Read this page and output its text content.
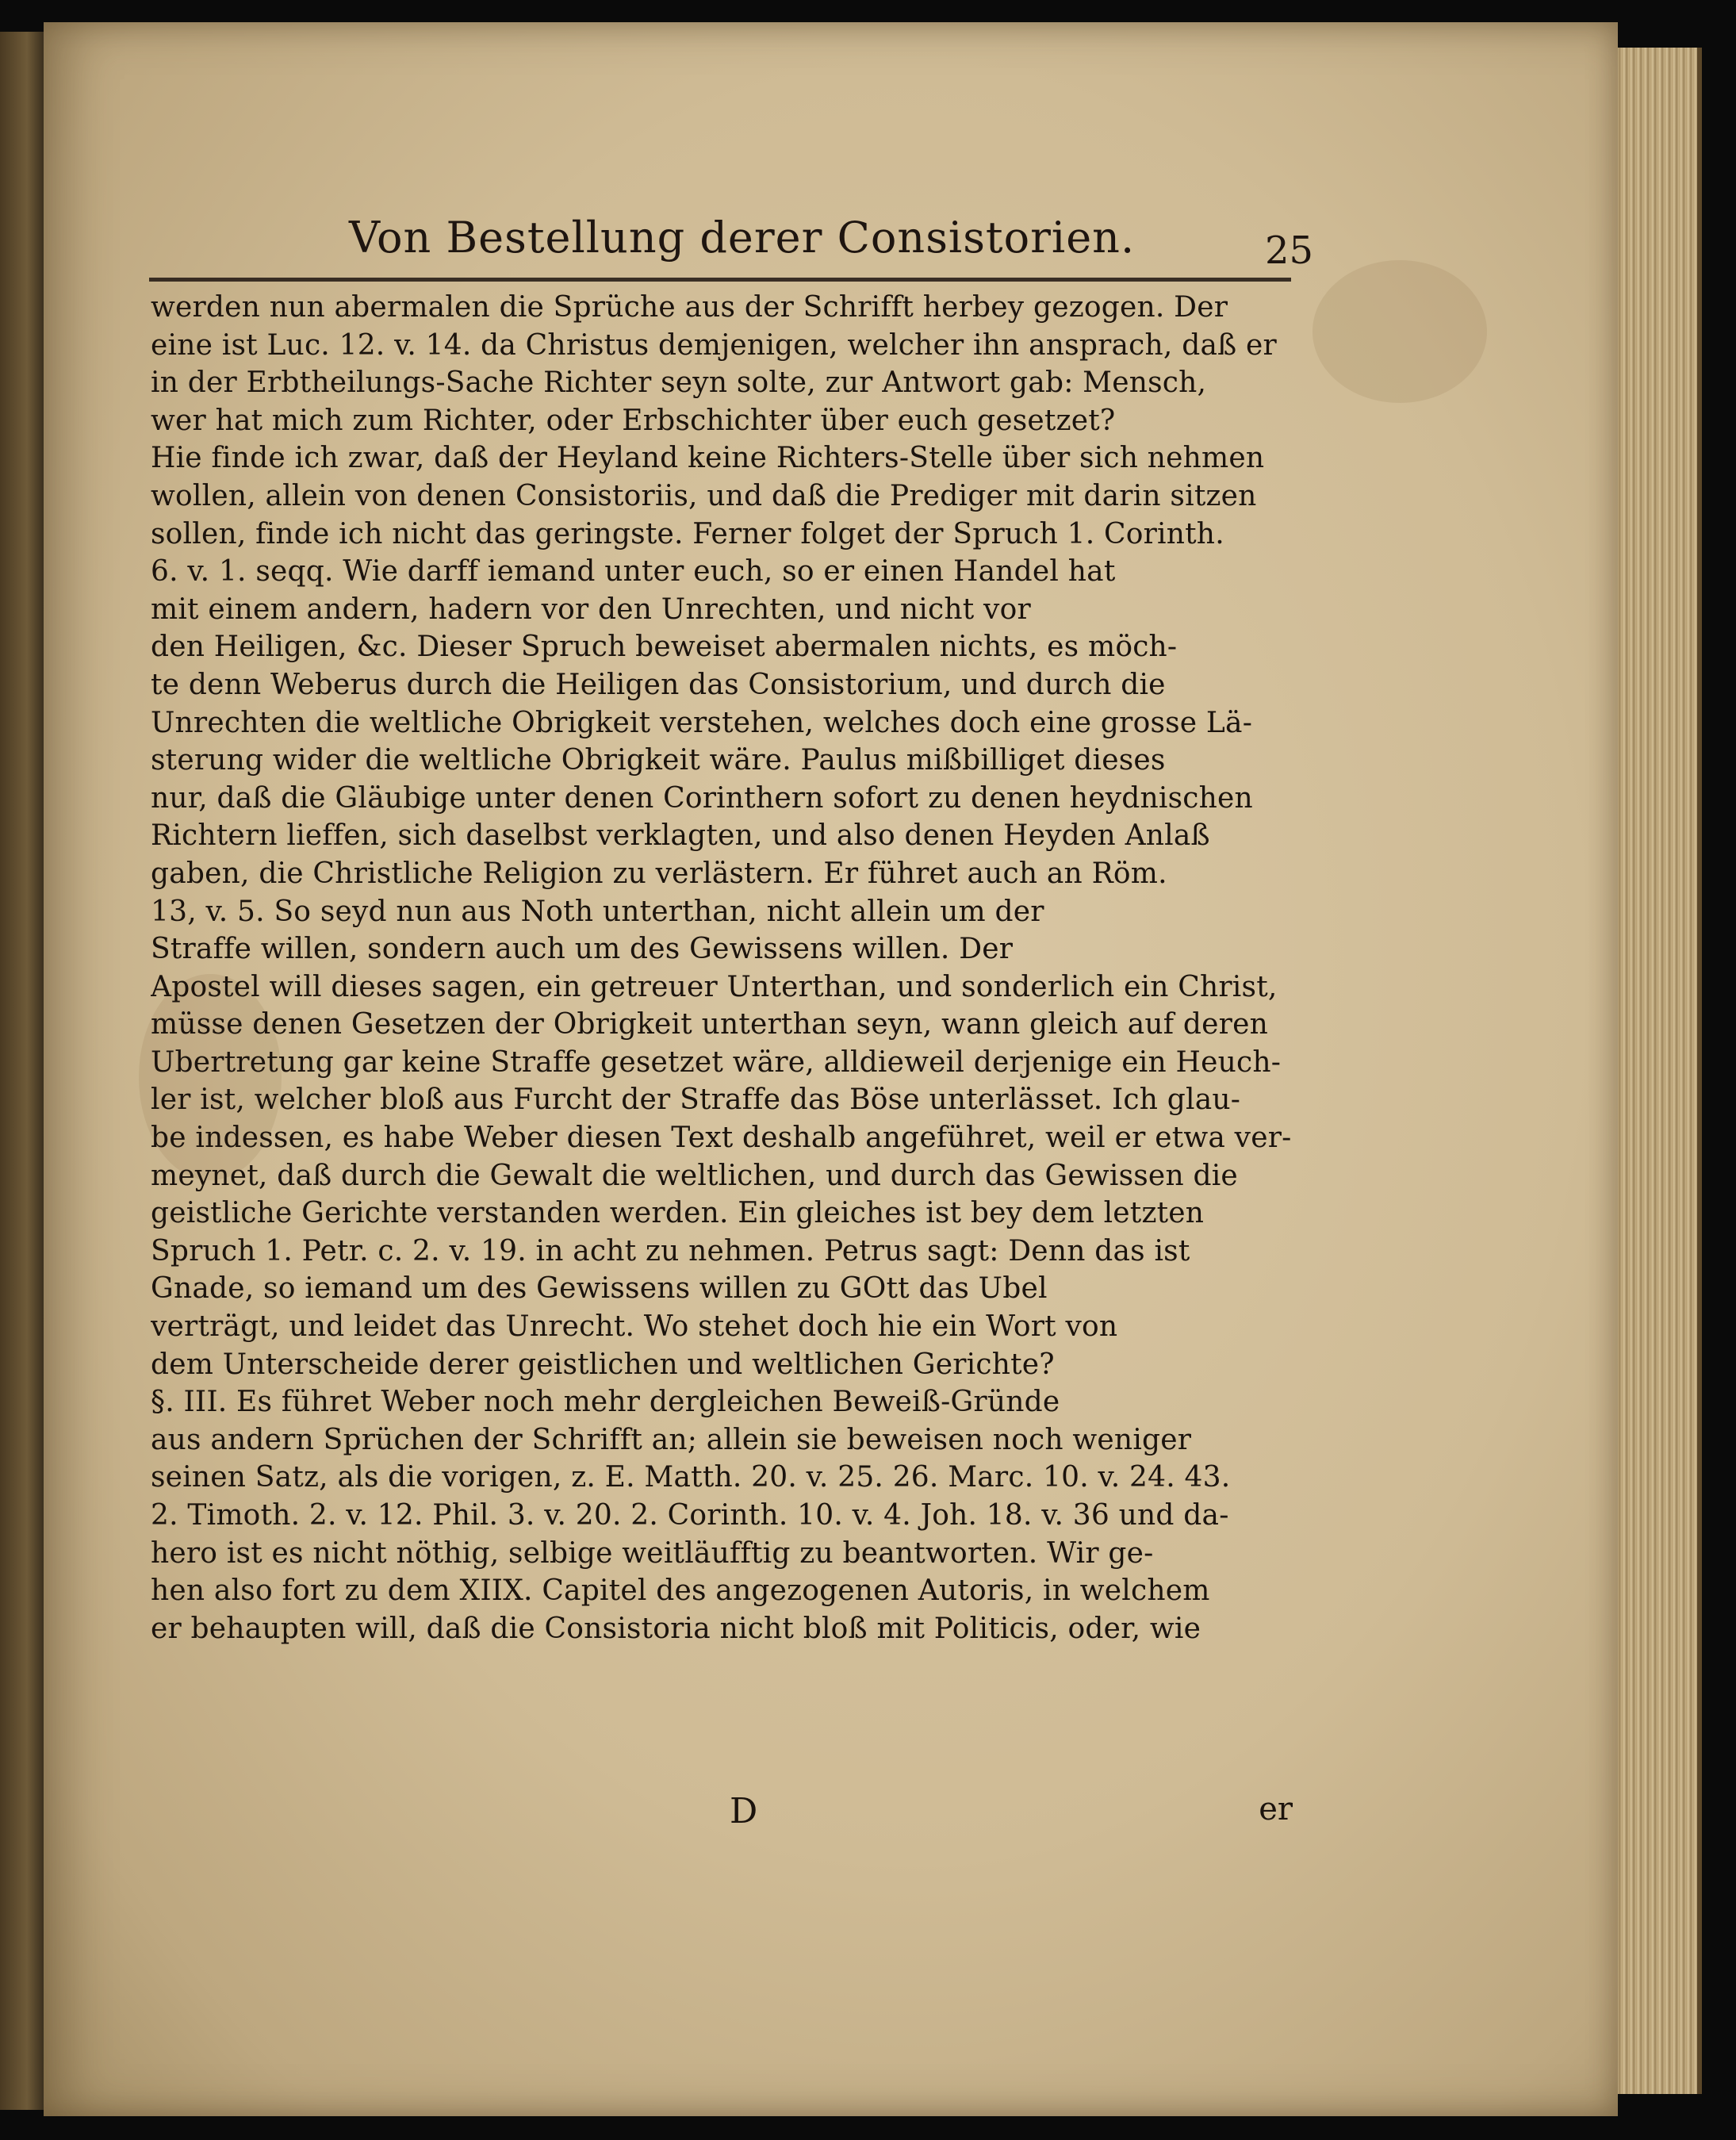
Von Bestellung derer Consistorien.	25
werden nun abermalen die Sprüche aus der Schrifft herbey gezogen. Der
eine ist Luc. 12. v. 14. da Christus demjenigen, welcher ihn ansprach, daß er
in der Erbtheilungs-Sache Richter seyn solte, zur Antwort gab: Mensch,
wer hat mich zum Richter, oder Erbschichter über euch gesetzet?
Hie finde ich zwar, daß der Heyland keine Richters-Stelle über sich nehmen
wollen, allein von denen Consistoriis, und daß die Prediger mit darin sitzen
sollen, finde ich nicht das geringste. Ferner folget der Spruch 1. Corinth.
6. v. 1. seqq. Wie darff iemand unter euch, so er einen Handel hat
mit einem andern, hadern vor den Unrechten, und nicht vor
den Heiligen, &c. Dieser Spruch beweiset abermalen nichts, es möch-
te denn Weberus durch die Heiligen das Consistorium, und durch die
Unrechten die weltliche Obrigkeit verstehen, welches doch eine grosse Lä-
sterung wider die weltliche Obrigkeit wäre. Paulus mißbilliget dieses
nur, daß die Gläubige unter denen Corinthern sofort zu denen heydnischen
Richtern lieffen, sich daselbst verklagten, und also denen Heyden Anlaß
gaben, die Christliche Religion zu verlästern. Er führet auch an Röm.
13, v. 5. So seyd nun aus Noth unterthan, nicht allein um der
Straffe willen, sondern auch um des Gewissens willen. Der
Apostel will dieses sagen, ein getreuer Unterthan, und sonderlich ein Christ,
müsse denen Gesetzen der Obrigkeit unterthan seyn, wann gleich auf deren
Ubertretung gar keine Straffe gesetzet wäre, alldieweil derjenige ein Heuch-
ler ist, welcher bloß aus Furcht der Straffe das Böse unterlässet. Ich glau-
be indessen, es habe Weber diesen Text deshalb angeführet, weil er etwa ver-
meynet, daß durch die Gewalt die weltlichen, und durch das Gewissen die
geistliche Gerichte verstanden werden. Ein gleiches ist bey dem letzten
Spruch 1. Petr. c. 2. v. 19. in acht zu nehmen. Petrus sagt: Denn das ist
Gnade, so iemand um des Gewissens willen zu GOtt das Ubel
verträgt, und leidet das Unrecht. Wo stehet doch hie ein Wort von
dem Unterscheide derer geistlichen und weltlichen Gerichte?
§. III. Es führet Weber noch mehr dergleichen Beweiß-Gründe
aus andern Sprüchen der Schrifft an; allein sie beweisen noch weniger
seinen Satz, als die vorigen, z. E. Matth. 20. v. 25. 26. Marc. 10. v. 24. 43.
2. Timoth. 2. v. 12. Phil. 3. v. 20. 2. Corinth. 10. v. 4. Joh. 18. v. 36 und da-
hero ist es nicht nöthig, selbige weitläufftig zu beantworten. Wir ge-
hen also fort zu dem XIIX. Capitel des angezogenen Autoris, in welchem
er behaupten will, daß die Consistoria nicht bloß mit Politicis, oder, wie
D	er
